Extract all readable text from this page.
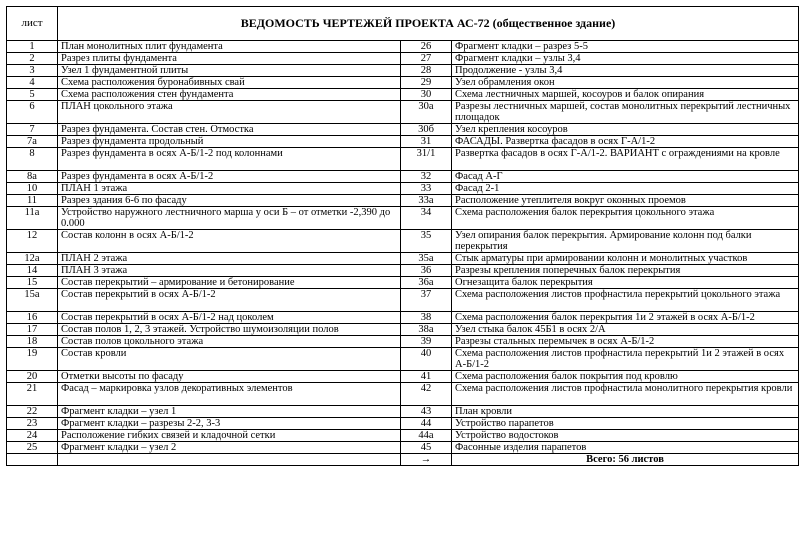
лист	ВЕДОМОСТЬ ЧЕРТЕЖЕЙ ПРОЕКТА АС-72 (общественное здание)		
1	План монолитных плит фундамента	26	Фрагмент кладки – разрез 5-5
2	Разрез плиты фундамента	27	Фрагмент кладки – узлы 3,4
3	Узел 1 фундаментной плиты	28	Продолжение - узлы 3,4
4	Схема расположения буронабивных свай	29	Узел обрамления окон
5	Схема расположения стен фундамента	30	Схема лестничных маршей, косоуров и балок опирания
6	ПЛАН цокольного этажа	30а	Разрезы лестничных маршей, состав монолитных перекрытий лестничных площадок
7	Разрез фундамента. Состав стен. Отмостка	30б	Узел крепления косоуров
7а	Разрез фундамента продольный	31	ФАСАДЫ. Развертка фасадов в осях Г-А/1-2
8	Разрез фундамента в осях А-Б/1-2 под колоннами	31/1	Развертка фасадов в осях Г-А/1-2. ВАРИАНТ с ограждениями на кровле
8а	Разрез фундамента в осях А-Б/1-2	32	Фасад А-Г
10	ПЛАН 1 этажа	33	Фасад 2-1
11	Разрез здания 6-6 по фасаду	33а	Расположение утеплителя вокруг оконных проемов
11а	Устройство наружного лестничного марша у оси Б – от отметки -2,390 до 0.000	34	Схема расположения балок перекрытия цокольного этажа
12	Состав колонн в осях А-Б/1-2	35	Узел опирания балок перекрытия. Армирование колонн под балки перекрытия
12а	ПЛАН 2 этажа	35а	Стык арматуры при армировании колонн и монолитных участков
14	ПЛАН 3 этажа	36	Разрезы крепления поперечных балок перекрытия
15	Состав перекрытий – армирование и бетонирование	36а	Огнезащита балок перекрытия
15а	Состав перекрытий в осях А-Б/1-2	37	Схема расположения листов профнастила перекрытий цокольного этажа
16	Состав перекрытий в осях А-Б/1-2 над цоколем	38	Схема расположения балок перекрытия 1и 2 этажей в осях А-Б/1-2
17	Состав полов 1, 2, 3 этажей. Устройство шумоизоляции полов	38а	Узел стыка балок 45Б1 в осях 2/А
18	Состав полов цокольного этажа	39	Разрезы стальных перемычек в осях А-Б/1-2
19	Состав кровли	40	Схема расположения листов профнастила перекрытий 1и 2 этажей в осях А-Б/1-2
20	Отметки высоты по фасаду	41	Схема расположения балок покрытия под кровлю
21	Фасад – маркировка узлов декоративных элементов	42	Схема расположения листов профнастила монолитного перекрытия кровли
22	Фрагмент кладки – узел 1	43	План кровли
23	Фрагмент кладки – разрезы 2-2, 3-3	44	Устройство парапетов
24	Расположение гибких связей и кладочной сетки	44а	Устройство водостоков
25	Фрагмент кладки – узел 2	45	Фасонные изделия парапетов
		→	Всего: 56 листов
